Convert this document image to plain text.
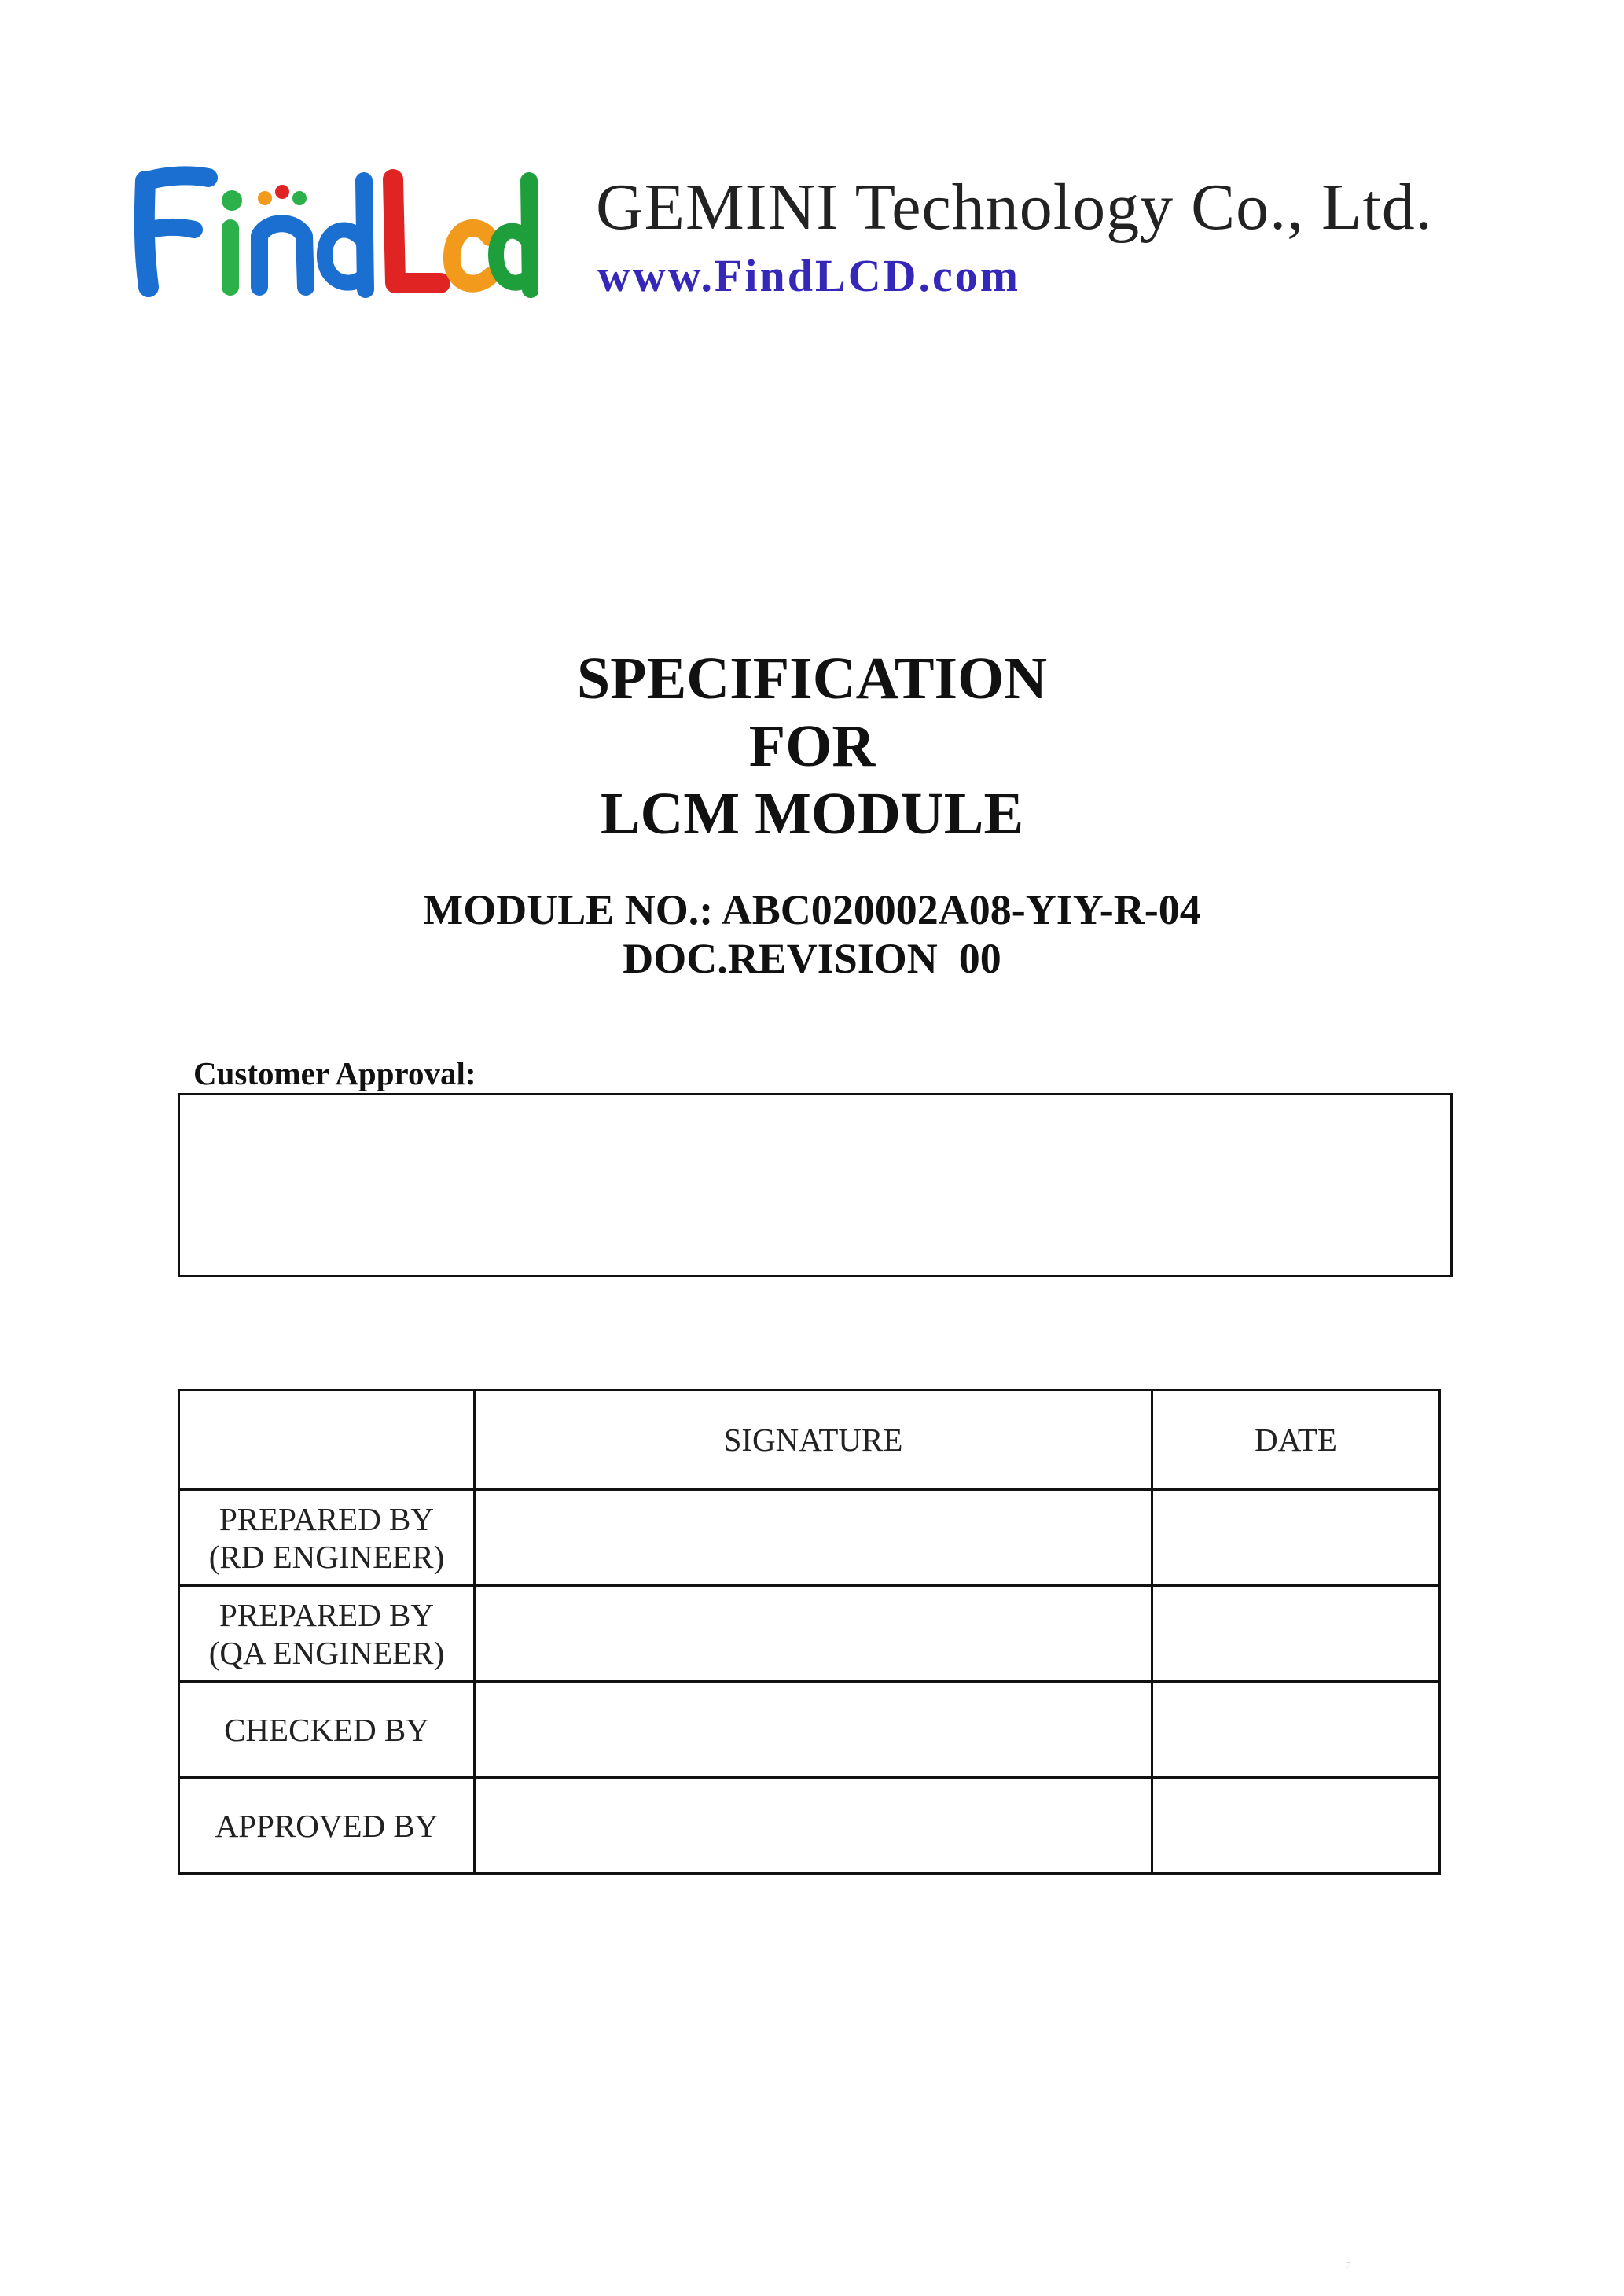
GEMINI Technology Co., Ltd.
www.FindLCD.com
SPECIFICATION
FOR
LCM MODULE
MODULE NO.: ABC020002A08-YIY-R-04
DOC.REVISION  00
Customer Approval:
	SIGNATURE	DATE

PREPARED BY
(RD ENGINEER)		

PREPARED BY
(QA ENGINEER)		

CHECKED BY		

APPROVED BY		

F
